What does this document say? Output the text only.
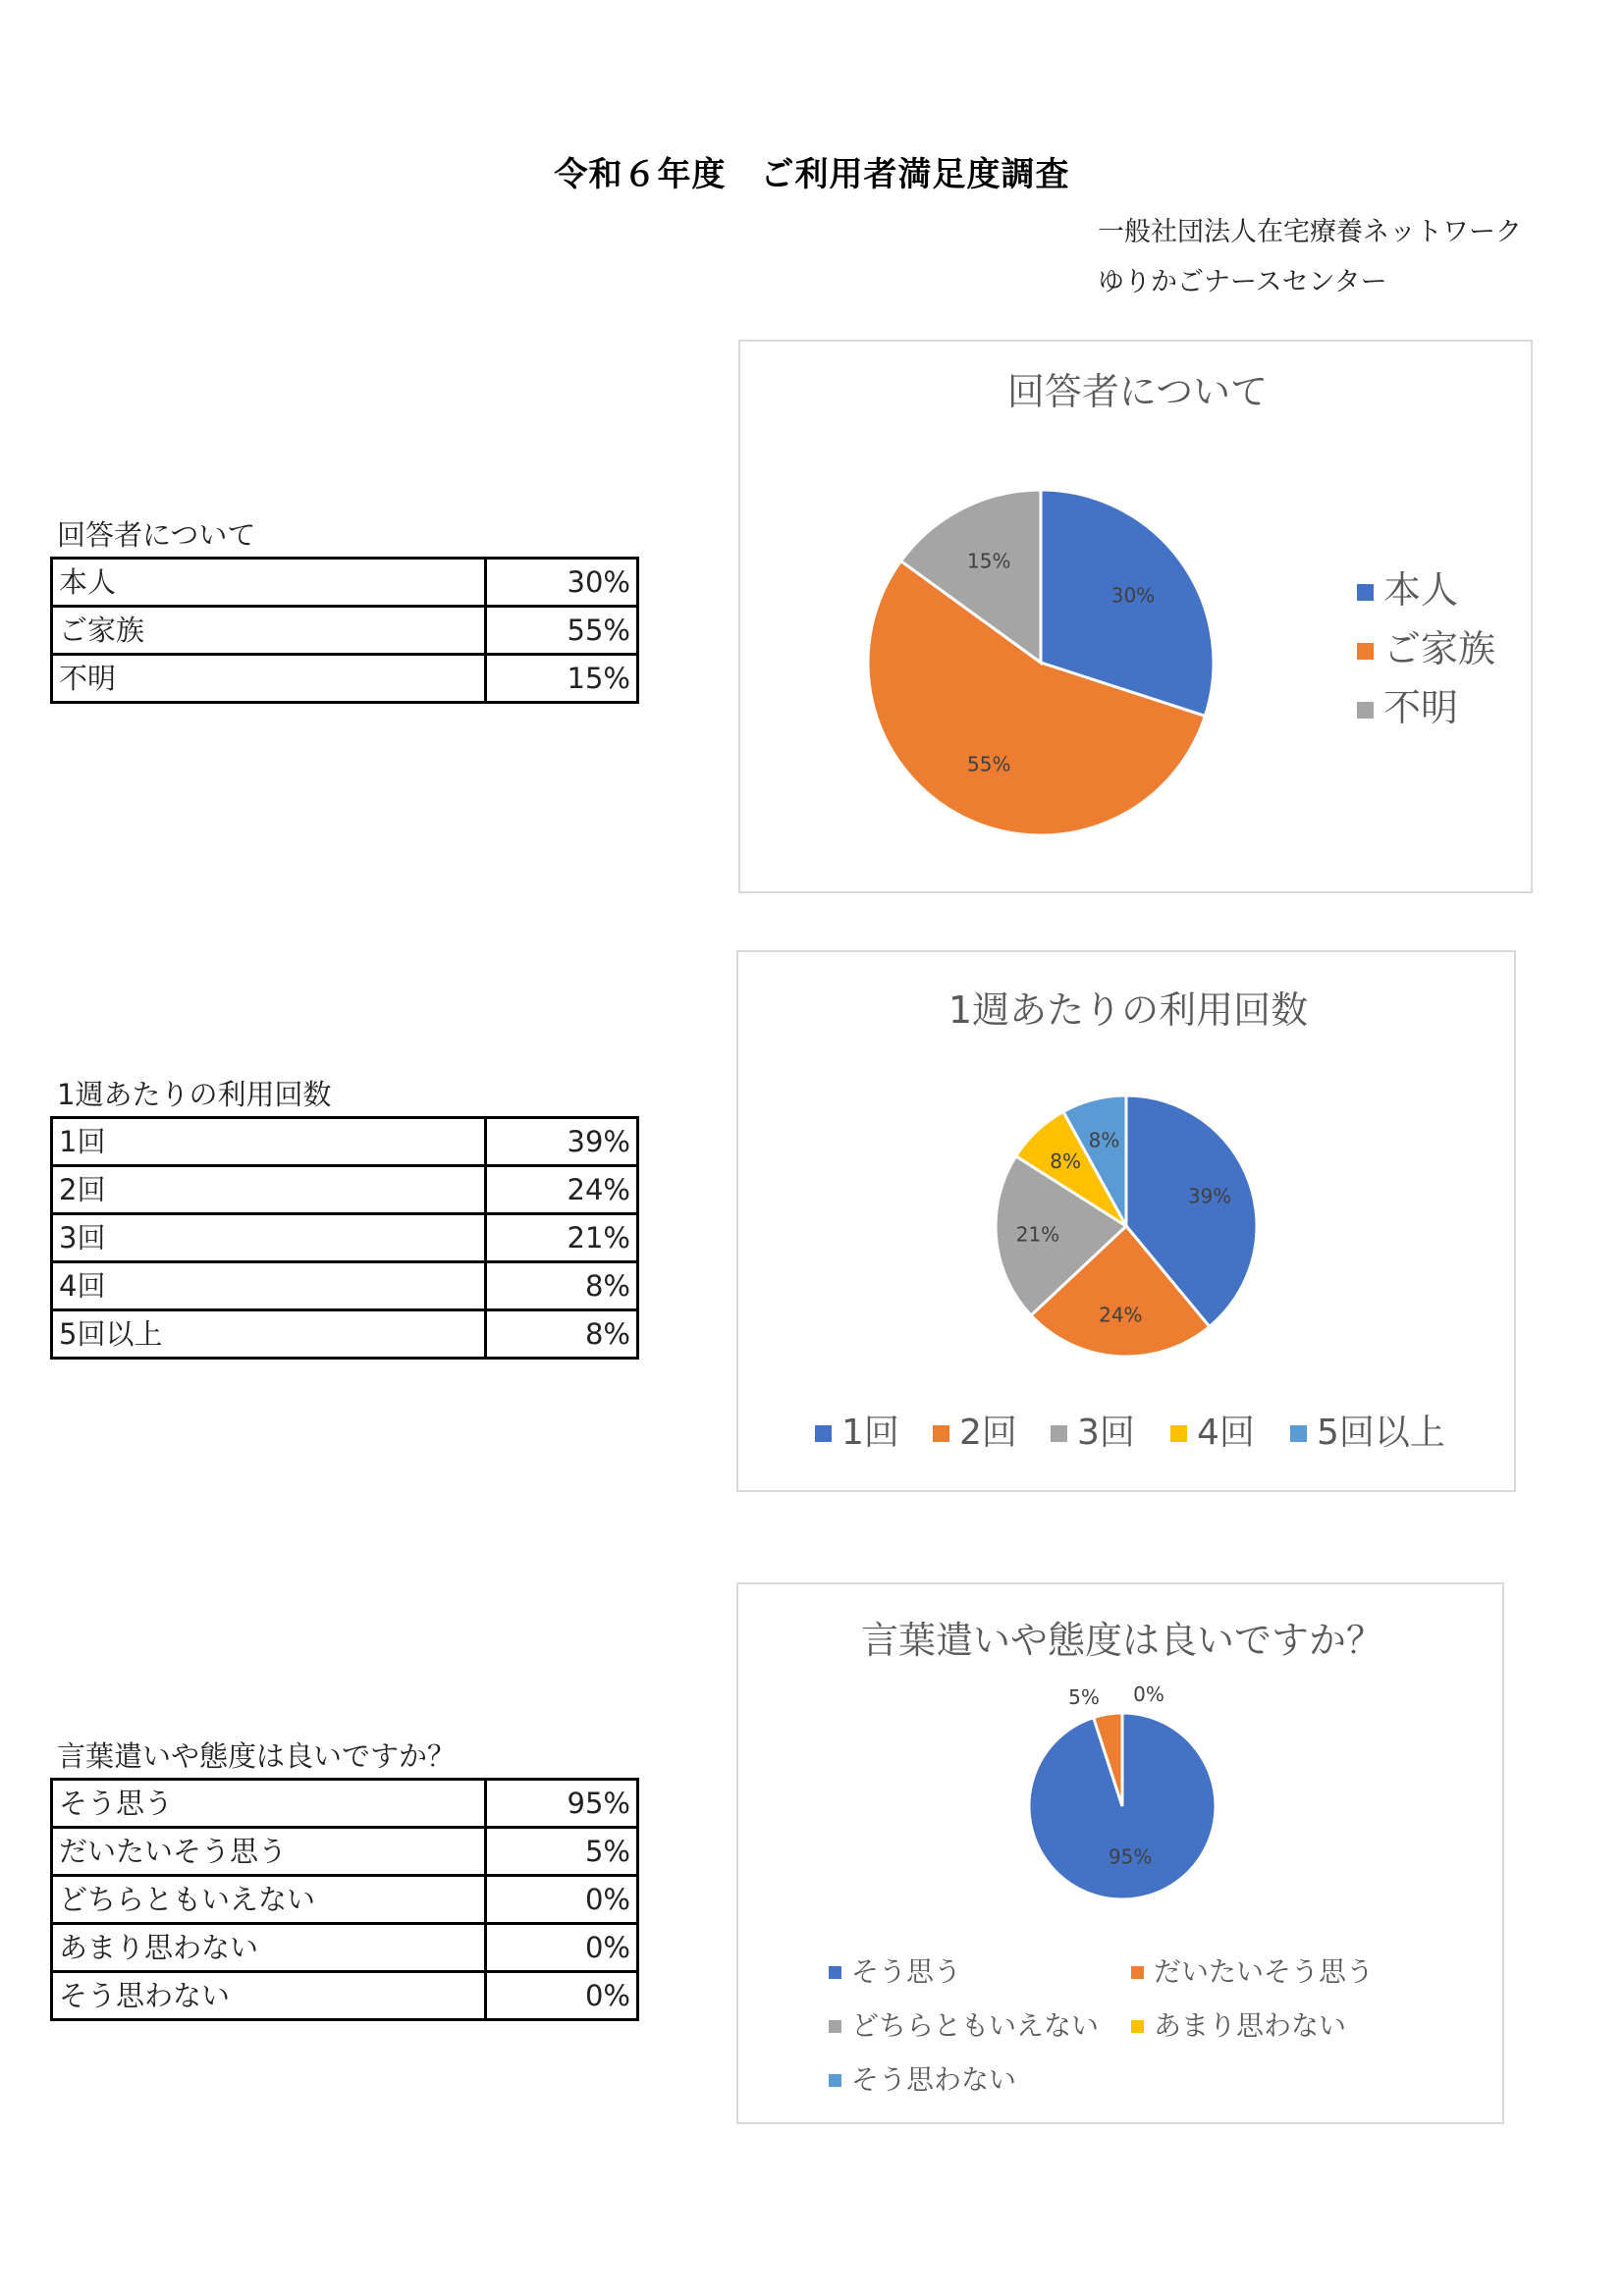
令和６年度　ご利用者満足度調査
一般社団法人在宅療養ネットワーク
ゆりかごナースセンター
回答者について
本人	30%
ご家族	55%
不明	15%
1週あたりの利用回数
1回	39%
2回	24%
3回	21%
4回	8%
5回以上	8%
言葉遣いや態度は良いですか？
そう思う	95%
だいたいそう思う	5%
どちらともいえない	0%
あまり思わない	0%
そう思わない	0%
回答者について
30%
55%
15%
本人
ご家族
不明
1週あたりの利用回数
39%
24%
21%
8%
8%
1回 2回 3回 4回 5回以上
言葉遣いや態度は良いですか？
95%
5% 0%
そう思う	だいたいそう思う
どちらともいえない あまり思わない
そう思わない
